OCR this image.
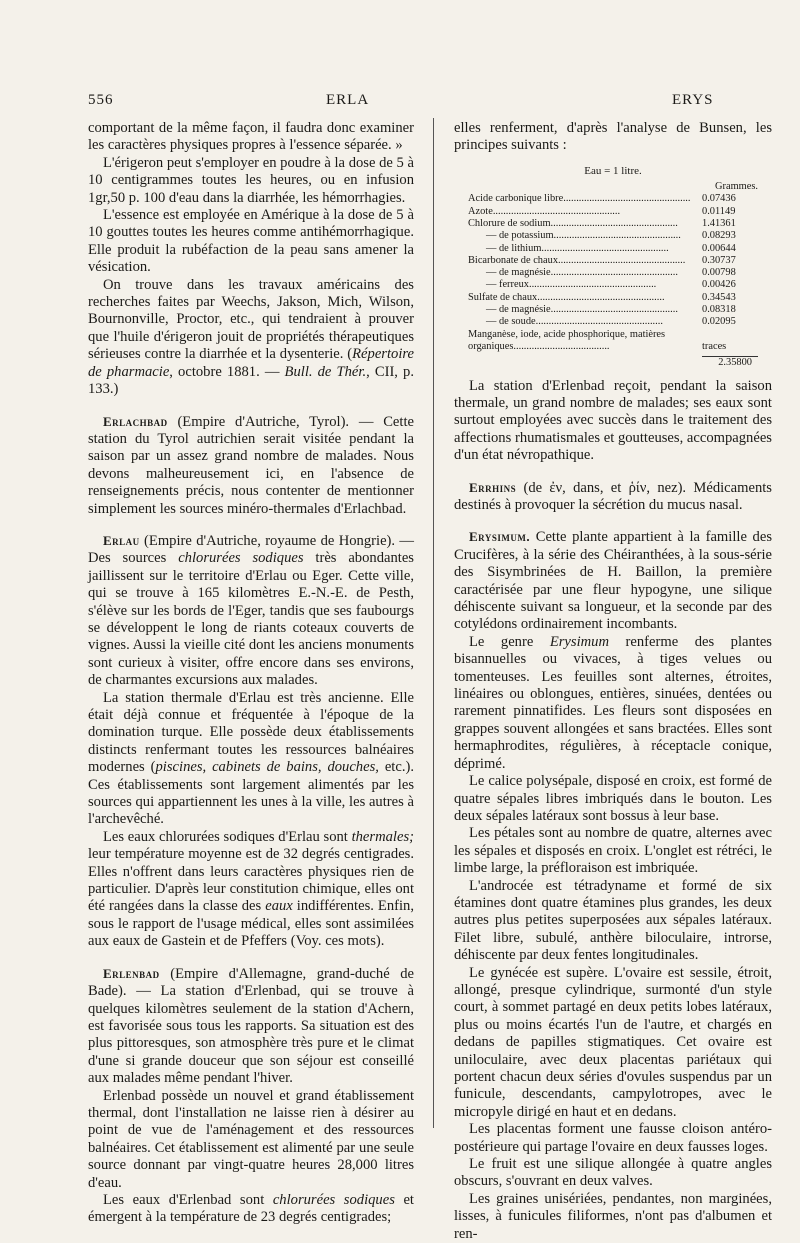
556	ERLA	ERYS

comportant de la même façon, il faudra donc examiner les caractères physiques propres à l'essence séparée. »

L'érigeron peut s'employer en poudre à la dose de 5 à 10 centigrammes toutes les heures, ou en infusion 1gr,50 p. 100 d'eau dans la diarrhée, les hémorrhagies.

L'essence est employée en Amérique à la dose de 5 à 10 gouttes toutes les heures comme antihémorrhagique. Elle produit la rubéfaction de la peau sans amener la vésication.

On trouve dans les travaux américains des recherches faites par Weechs, Jakson, Mich, Wilson, Bournonville, Proctor, etc., qui tendraient à prouver que l'huile d'érigeron jouit de propriétés thérapeutiques sérieuses contre la diarrhée et la dysenterie. (Répertoire de pharmacie, octobre 1881. — Bull. de Thér., CII, p. 133.)

Erlachbad (Empire d'Autriche, Tyrol). — Cette station du Tyrol autrichien serait visitée pendant la saison par un assez grand nombre de malades. Nous devons malheureusement ici, en l'absence de renseignements précis, nous contenter de mentionner simplement les sources minéro-thermales d'Erlachbad.

Erlau (Empire d'Autriche, royaume de Hongrie). — Des sources chlorurées sodiques très abondantes jaillissent sur le territoire d'Erlau ou Eger. Cette ville, qui se trouve à 165 kilomètres E.-N.-E. de Pesth, s'élève sur les bords de l'Eger, tandis que ses faubourgs se développent le long de riants coteaux couverts de vignes. Aussi la vieille cité dont les anciens monuments sont curieux à visiter, offre encore dans ses environs, de charmantes excursions aux malades.

La station thermale d'Erlau est très ancienne. Elle était déjà connue et fréquentée à l'époque de la domination turque. Elle possède deux établissements distincts renfermant toutes les ressources balnéaires modernes (piscines, cabinets de bains, douches, etc.). Ces établissements sont largement alimentés par les sources qui appartiennent les unes à la ville, les autres à l'archevêché.

Les eaux chlorurées sodiques d'Erlau sont thermales; leur température moyenne est de 32 degrés centigrades. Elles n'offrent dans leurs caractères physiques rien de particulier. D'après leur constitution chimique, elles ont été rangées dans la classe des eaux indifférentes. Enfin, sous le rapport de l'usage médical, elles sont assimilées aux eaux de Gastein et de Pfeffers (Voy. ces mots).

Erlenbad (Empire d'Allemagne, grand-duché de Bade). — La station d'Erlenbad, qui se trouve à quelques kilomètres seulement de la station d'Achern, est favorisée sous tous les rapports. Sa situation est des plus pittoresques, son atmosphère très pure et le climat d'une si grande douceur que son séjour est conseillé aux malades même pendant l'hiver.

Erlenbad possède un nouvel et grand établissement thermal, dont l'installation ne laisse rien à désirer au point de vue de l'aménagement et des ressources balnéaires. Cet établissement est alimenté par une seule source donnant par vingt-quatre heures 28,000 litres d'eau.

Les eaux d'Erlenbad sont chlorurées sodiques et émergent à la température de 23 degrés centigrades;

elles renferment, d'après l'analyse de Bunsen, les principes suivants :

Eau = 1 litre.
Grammes.
Acide carbonique libre.................................................	0.07436
Azote.................................................	0.01149
Chlorure de sodium.................................................	1.41361
— de potassium.................................................	0.08293
— de lithium.................................................	0.00644
Bicarbonate de chaux.................................................	0.30737
— de magnésie.................................................	0.00798
— ferreux.................................................	0.00426
Sulfate de chaux.................................................	0.34543
— de magnésie.................................................	0.08318
— de soude.................................................	0.02095
Manganèse, iode, acide phosphorique, matières
organiques.....................................	traces
2.35800

La station d'Erlenbad reçoit, pendant la saison thermale, un grand nombre de malades; ses eaux sont surtout employées avec succès dans le traitement des affections rhumatismales et goutteuses, accompagnées d'un état névropathique.

Errhins (de ἐν, dans, et ῥίν, nez). Médicaments destinés à provoquer la sécrétion du mucus nasal.

Erysimum. Cette plante appartient à la famille des Crucifères, à la série des Chéiranthées, à la sous-série des Sisymbrinées de H. Baillon, la première caractérisée par une fleur hypogyne, une silique déhiscente suivant sa longueur, et la seconde par des cotylédons ordinairement incombants.

Le genre Erysimum renferme des plantes bisannuelles ou vivaces, à tiges velues ou tomenteuses. Les feuilles sont alternes, étroites, linéaires ou oblongues, entières, sinuées, dentées ou rarement pinnatifides. Les fleurs sont disposées en grappes souvent allongées et sans bractées. Elles sont hermaphrodites, régulières, à réceptacle conique, déprimé.

Le calice polysépale, disposé en croix, est formé de quatre sépales libres imbriqués dans le bouton. Les deux sépales latéraux sont bossus à leur base.

Les pétales sont au nombre de quatre, alternes avec les sépales et disposés en croix. L'onglet est rétréci, le limbe large, la préfloraison est imbriquée.

L'androcée est tétradyname et formé de six étamines dont quatre étamines plus grandes, les deux autres plus petites superposées aux sépales latéraux. Filet libre, subulé, anthère biloculaire, introrse, déhiscente par deux fentes longitudinales.

Le gynécée est supère. L'ovaire est sessile, étroit, allongé, presque cylindrique, surmonté d'un style court, à sommet partagé en deux petits lobes latéraux, plus ou moins écartés l'un de l'autre, et chargés en dedans de papilles stigmatiques. Cet ovaire est uniloculaire, avec deux placentas pariétaux qui portent chacun deux séries d'ovules suspendus par un funicule, descendants, campylotropes, avec le micropyle dirigé en haut et en dedans.

Les placentas forment une fausse cloison antéro-postérieure qui partage l'ovaire en deux fausses loges.

Le fruit est une silique allongée à quatre angles obscurs, s'ouvrant en deux valves.

Les graines unisériées, pendantes, non marginées, lisses, à funicules filiformes, n'ont pas d'albumen et ren-
